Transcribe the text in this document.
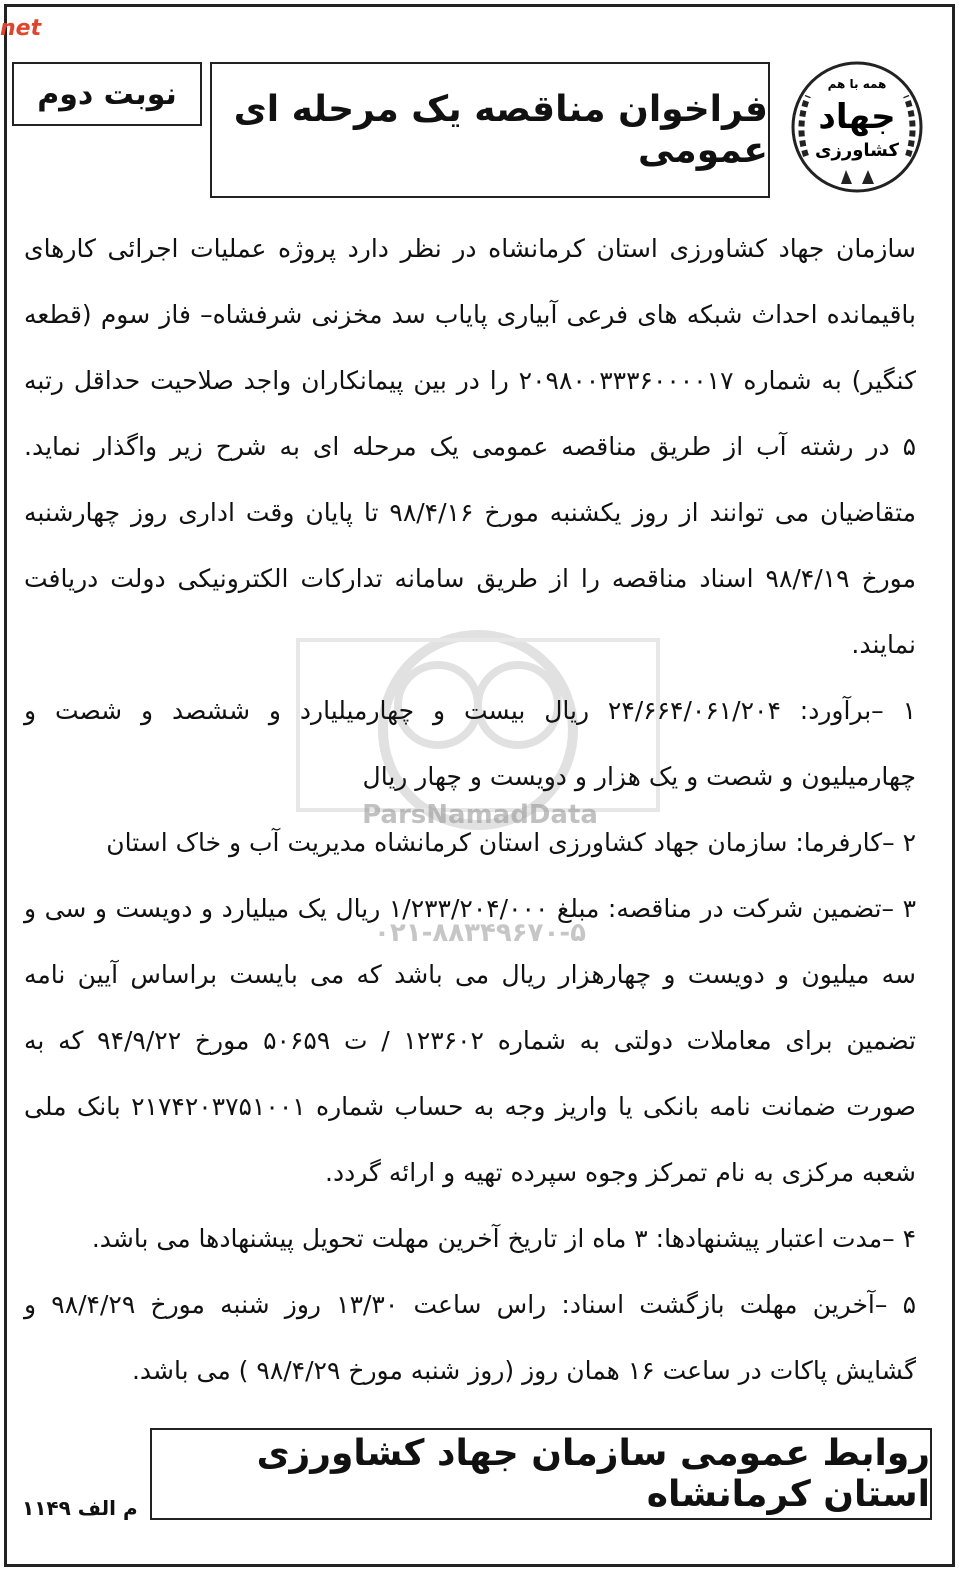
net
همه با هم
جهاد
کشاورزی
فراخوان مناقصه یک مرحله ای عمومی
نوبت دوم
ParsNamadData
۰۲۱-۸۸۳۴۹۶۷۰-۵

سازمان جهاد کشاورزی استان کرمانشاه در نظر دارد پروژه عملیات اجرائی کارهای باقیمانده احداث شبکه های فرعی آبیاری پایاب سد مخزنی شرفشاه– فاز سوم (قطعه کنگیر) به شماره ۲۰۹۸۰۰۳۳۳۶۰۰۰۰۱۷ را در بین پیمانکاران واجد صلاحیت حداقل رتبه ۵ در رشته آب از طریق مناقصه عمومی یک مرحله ای به شرح زیر واگذار نماید. متقاضیان می توانند از روز یکشنبه مورخ ۹۸/۴/۱۶ تا پایان وقت اداری روز چهارشنبه مورخ ۹۸/۴/۱۹ اسناد مناقصه را از طریق سامانه تدارکات الکترونیکی دولت دریافت نمایند.

۱ –برآورد: ۲۴/۶۶۴/۰۶۱/۲۰۴ ریال بیست و چهارمیلیارد و ششصد و شصت و چهارمیلیون و شصت و یک هزار و دویست و چهار ریال

۲ –کارفرما: سازمان جهاد کشاورزی استان کرمانشاه مدیریت آب و خاک استان

۳ –تضمین شرکت در مناقصه: مبلغ ۱/۲۳۳/۲۰۴/۰۰۰ ریال یک میلیارد و دویست و سی و سه میلیون و دویست و چهارهزار ریال می باشد که می بایست براساس آیین نامه تضمین برای معاملات دولتی به شماره ۱۲۳۶۰۲ / ت ۵۰۶۵۹ مورخ ۹۴/۹/۲۲ که به صورت ضمانت نامه بانکی یا واریز وجه به حساب شماره ۲۱۷۴۲۰۳۷۵۱۰۰۱ بانک ملی شعبه مرکزی به نام تمرکز وجوه سپرده تهیه و ارائه گردد.

۴ –مدت اعتبار پیشنهادها: ۳ ماه از تاریخ آخرین مهلت تحویل پیشنهادها می باشد.

۵ –آخرین مهلت بازگشت اسناد: راس ساعت ۱۳/۳۰ روز شنبه مورخ ۹۸/۴/۲۹ و گشایش پاکات در ساعت ۱۶ همان روز (روز شنبه مورخ ۹۸/۴/۲۹ ) می باشد.

روابط عمومی سازمان جهاد کشاورزی استان کرمانشاه
م الف ۱۱۴۹
